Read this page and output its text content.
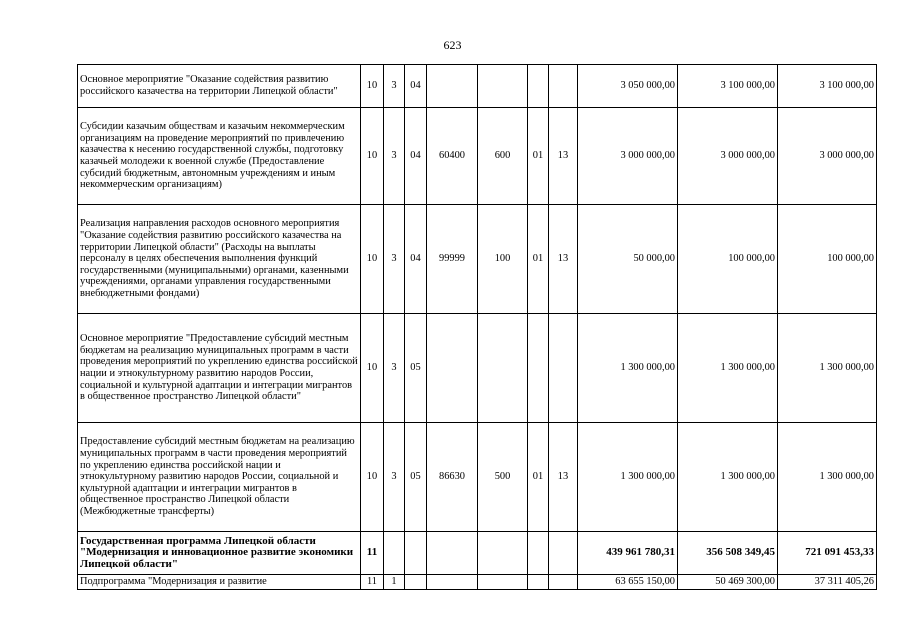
623
Основное мероприятие "Оказание содействия развитию российского казачества на территории Липецкой области"	10	3	04					3 050 000,00	3 100 000,00	3 100 000,00
Субсидии казачьим обществам и казачьим некоммерческим организациям на проведение мероприятий по привлечению казачества к несению государственной службы, подготовку казачьей молодежи к военной службе (Предоставление субсидий бюджетным, автономным учреждениям и иным некоммерческим организациям)	10	3	04	60400	600	01	13	3 000 000,00	3 000 000,00	3 000 000,00
Реализация направления расходов основного мероприятия "Оказание содействия развитию российского казачества на территории Липецкой области" (Расходы на выплаты персоналу в целях обеспечения выполнения функций государственными (муниципальными) органами, казенными учреждениями, органами управления государственными внебюджетными фондами)	10	3	04	99999	100	01	13	50 000,00	100 000,00	100 000,00
Основное мероприятие "Предоставление субсидий местным бюджетам на реализацию муниципальных программ в части проведения мероприятий по укреплению единства российской нации и этнокультурному развитию народов России, социальной и культурной адаптации и интеграции мигрантов в общественное пространство Липецкой области"	10	3	05					1 300 000,00	1 300 000,00	1 300 000,00
Предоставление субсидий местным бюджетам на реализацию муниципальных программ в части проведения мероприятий по укреплению единства российской нации и этнокультурному развитию народов России, социальной и культурной адаптации и интеграции мигрантов в общественное пространство Липецкой области (Межбюджетные трансферты)	10	3	05	86630	500	01	13	1 300 000,00	1 300 000,00	1 300 000,00
Государственная программа Липецкой области "Модернизация и инновационное развитие экономики Липецкой области"	11							439 961 780,31	356 508 349,45	721 091 453,33
Подпрограмма "Модернизация и развитие	11	1						63 655 150,00	50 469 300,00	37 311 405,26
